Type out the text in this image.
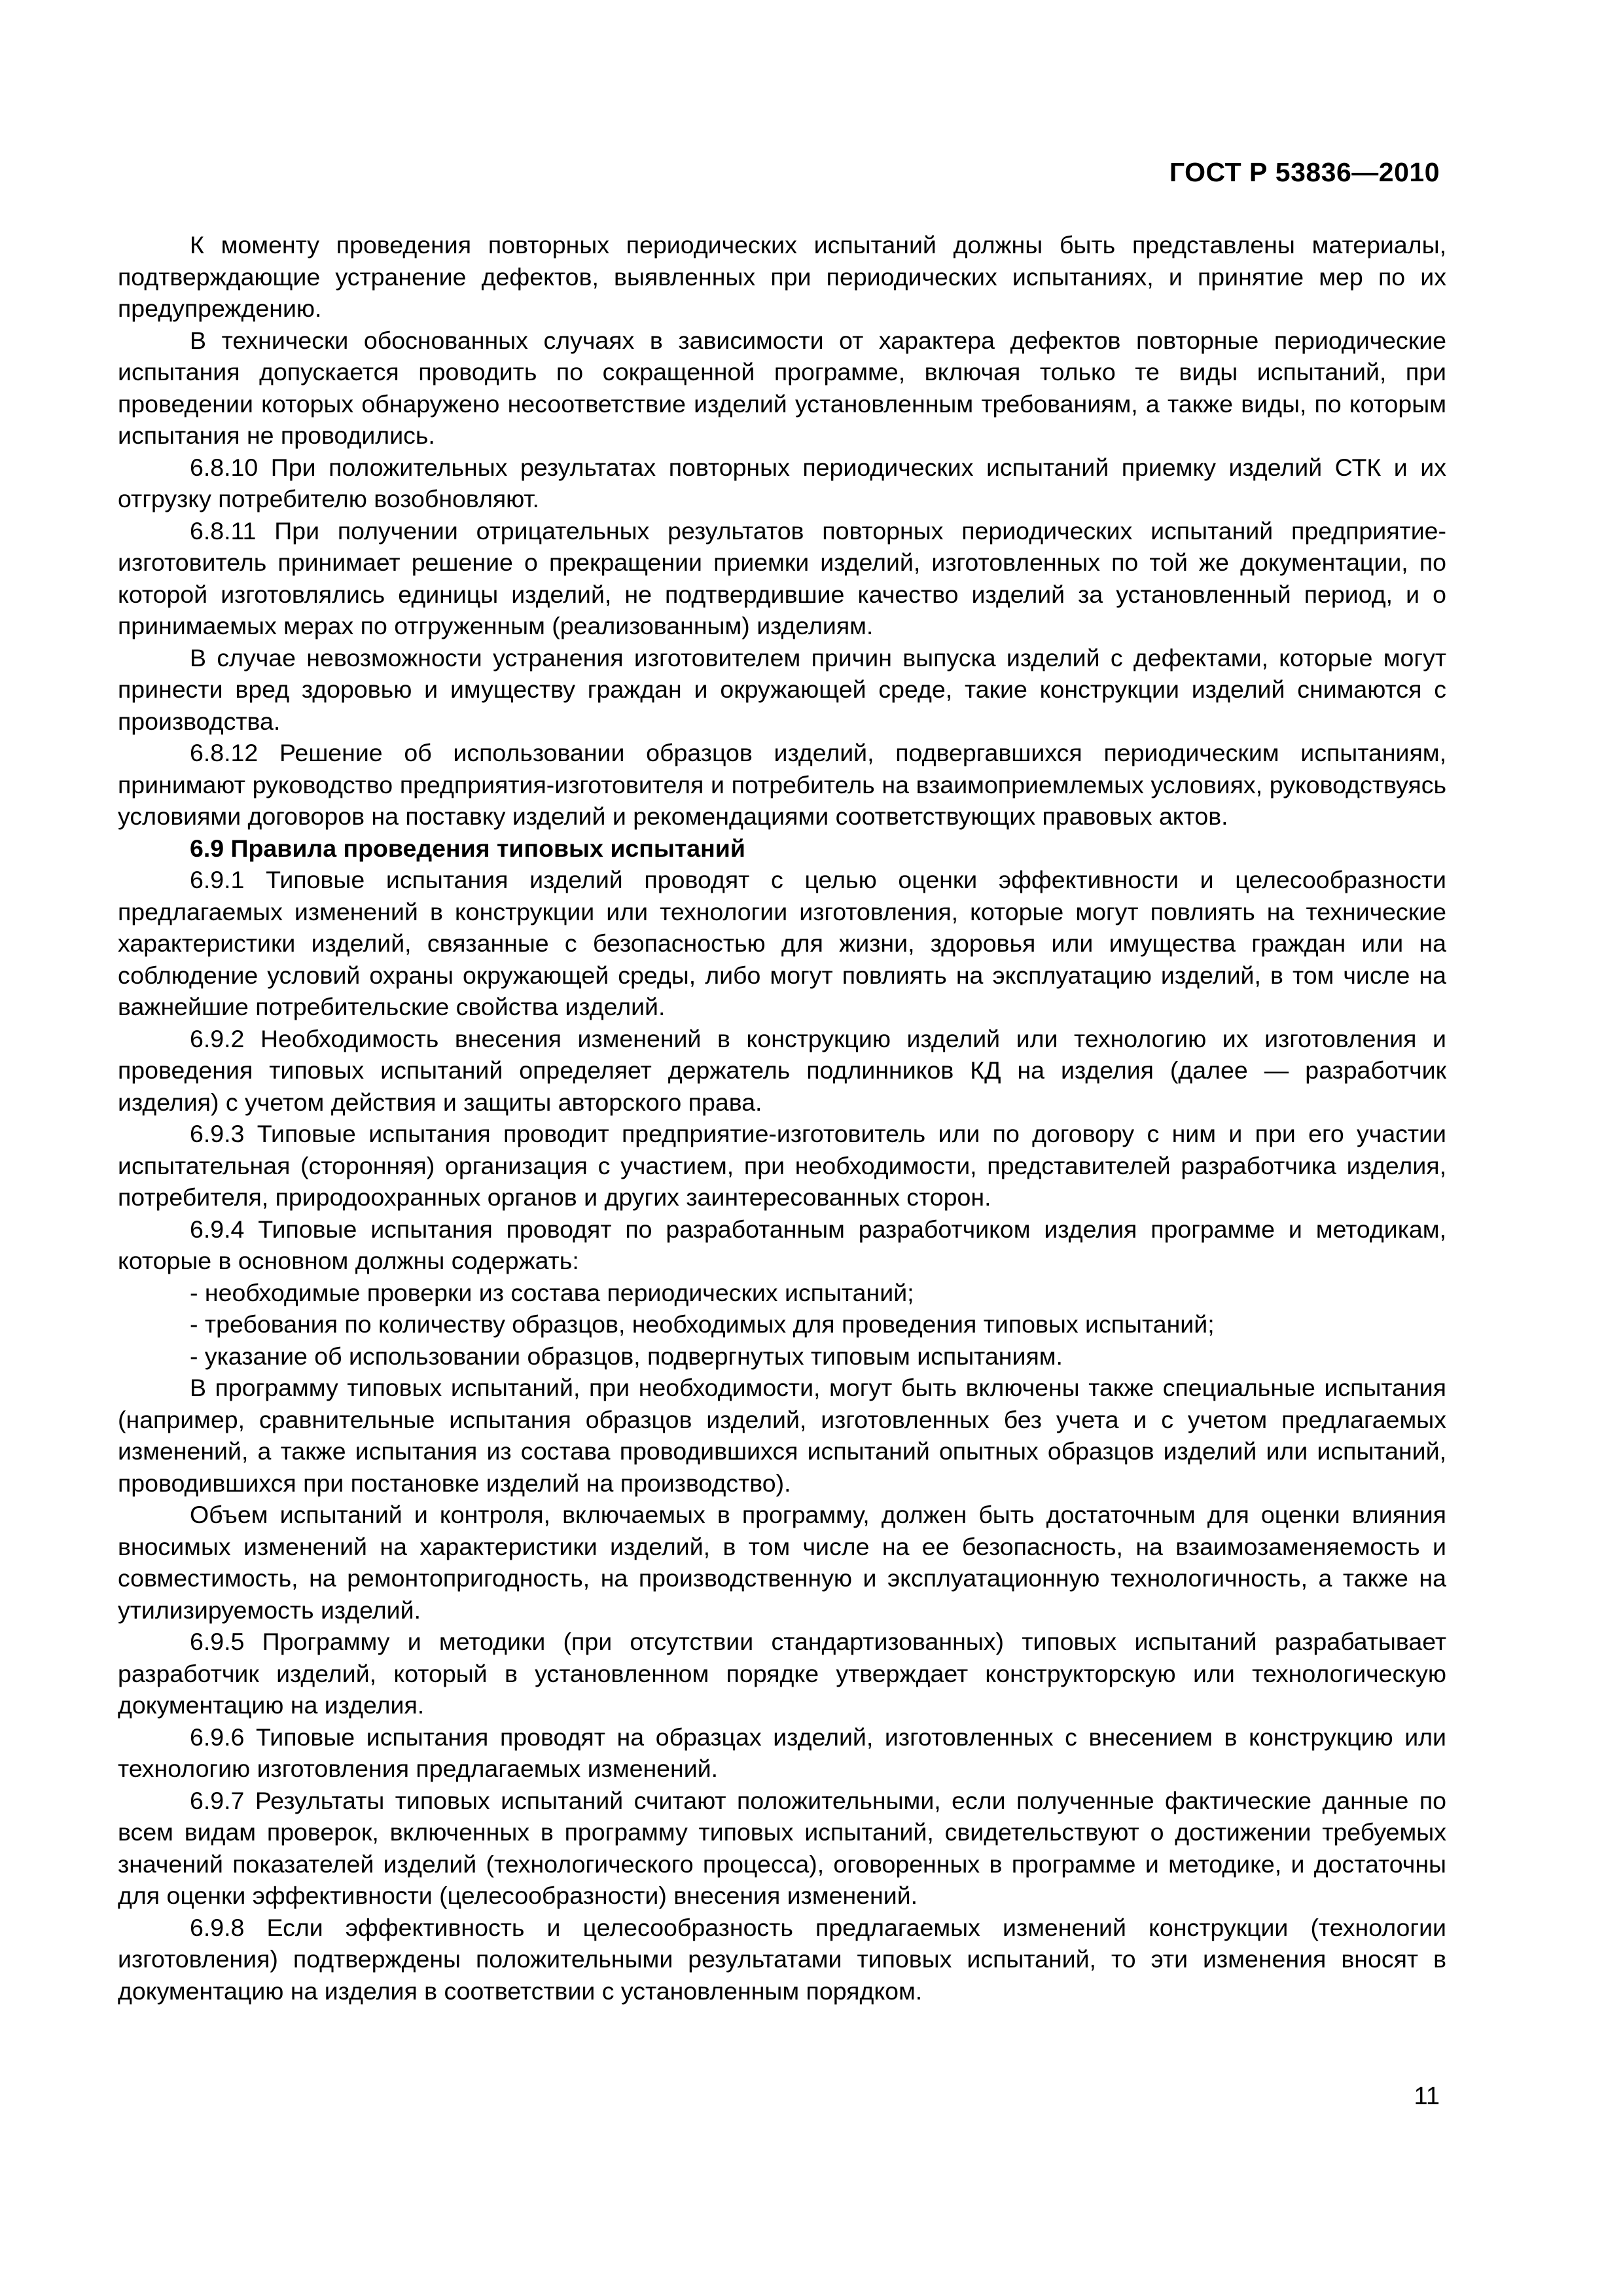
ГОСТ Р 53836—2010

К моменту проведения повторных периодических испытаний должны быть представлены материалы, подтверждающие устранение дефектов, выявленных при периодических испытаниях, и принятие мер по их предупреждению.

В технически обоснованных случаях в зависимости от характера дефектов повторные периодические испытания допускается проводить по сокращенной программе, включая только те виды испытаний, при проведении которых обнаружено несоответствие изделий установленным требованиям, а также виды, по которым испытания не проводились.

6.8.10 При положительных результатах повторных периодических испытаний приемку изделий СТК и их отгрузку потребителю возобновляют.

6.8.11 При получении отрицательных результатов повторных периодических испытаний предприятие-изготовитель принимает решение о прекращении приемки изделий, изготовленных по той же документации, по которой изготовлялись единицы изделий, не подтвердившие качество изделий за установленный период, и о принимаемых мерах по отгруженным (реализованным) изделиям.

В случае невозможности устранения изготовителем причин выпуска изделий с дефектами, которые могут принести вред здоровью и имуществу граждан и окружающей среде, такие конструкции изделий снимаются с производства.

6.8.12 Решение об использовании образцов изделий, подвергавшихся периодическим испытаниям, принимают руководство предприятия-изготовителя и потребитель на взаимоприемлемых условиях, руководствуясь условиями договоров на поставку изделий и рекомендациями соответствующих правовых актов.

6.9 Правила проведения типовых испытаний

6.9.1 Типовые испытания изделий проводят с целью оценки эффективности и целесообразности предлагаемых изменений в конструкции или технологии изготовления, которые могут повлиять на технические характеристики изделий, связанные с безопасностью для жизни, здоровья или имущества граждан или на соблюдение условий охраны окружающей среды, либо могут повлиять на эксплуатацию изделий, в том числе на важнейшие потребительские свойства изделий.

6.9.2 Необходимость внесения изменений в конструкцию изделий или технологию их изготовления и проведения типовых испытаний определяет держатель подлинников КД на изделия (далее — разработчик изделия) с учетом действия и защиты авторского права.

6.9.3 Типовые испытания проводит предприятие-изготовитель или по договору с ним и при его участии испытательная (сторонняя) организация с участием, при необходимости, представителей разработчика изделия, потребителя, природоохранных органов и других заинтересованных сторон.

6.9.4 Типовые испытания проводят по разработанным разработчиком изделия программе и методикам, которые в основном должны содержать:

- необходимые проверки из состава периодических испытаний;

- требования по количеству образцов, необходимых для проведения типовых испытаний;

- указание об использовании образцов, подвергнутых типовым испытаниям.

В программу типовых испытаний, при необходимости, могут быть включены также специальные испытания (например, сравнительные испытания образцов изделий, изготовленных без учета и с учетом предлагаемых изменений, а также испытания из состава проводившихся испытаний опытных образцов изделий или испытаний, проводившихся при постановке изделий на производство).

Объем испытаний и контроля, включаемых в программу, должен быть достаточным для оценки влияния вносимых изменений на характеристики изделий, в том числе на ее безопасность, на взаимозаменяемость и совместимость, на ремонтопригодность, на производственную и эксплуатационную технологичность, а также на утилизируемость изделий.

6.9.5 Программу и методики (при отсутствии стандартизованных) типовых испытаний разрабатывает разработчик изделий, который в установленном порядке утверждает конструкторскую или технологическую документацию на изделия.

6.9.6 Типовые испытания проводят на образцах изделий, изготовленных с внесением в конструкцию или технологию изготовления предлагаемых изменений.

6.9.7 Результаты типовых испытаний считают положительными, если полученные фактические данные по всем видам проверок, включенных в программу типовых испытаний, свидетельствуют о достижении требуемых значений показателей изделий (технологического процесса), оговоренных в программе и методике, и достаточны для оценки эффективности (целесообразности) внесения изменений.

6.9.8 Если эффективность и целесообразность предлагаемых изменений конструкции (технологии изготовления) подтверждены положительными результатами типовых испытаний, то эти изменения вносят в документацию на изделия в соответствии с установленным порядком.

11
